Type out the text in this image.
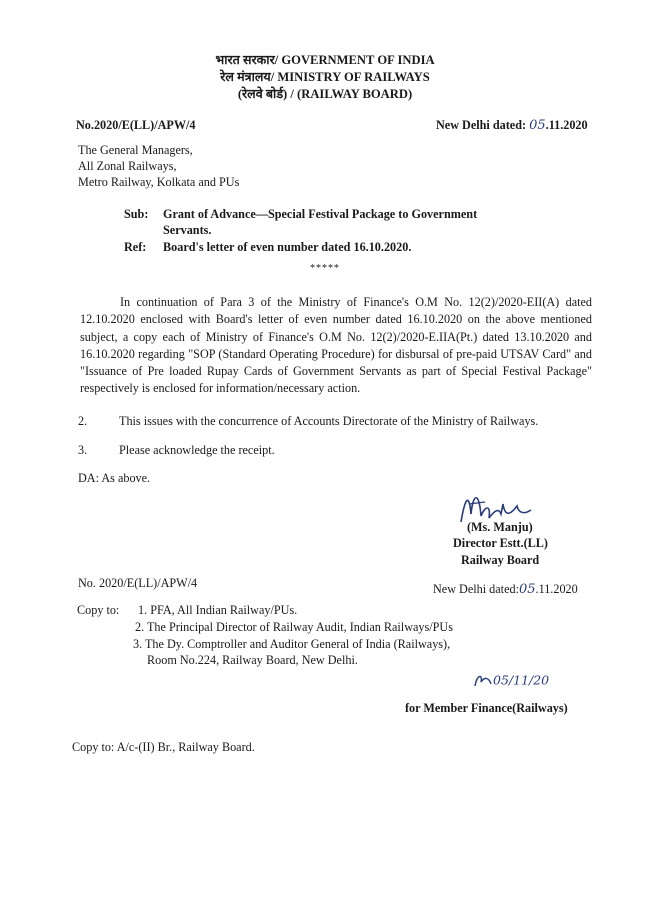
भारत सरकार/ GOVERNMENT OF INDIA
रेल मंत्रालय/ MINISTRY OF RAILWAYS
(रेलवे बोर्ड) / (RAILWAY BOARD)
No.2020/E(LL)/APW/4	New Delhi dated: 05.11.2020
The General Managers,
All Zonal Railways,
Metro Railway, Kolkata and PUs
Sub: Grant of Advance—Special Festival Package to Government
Servants.
Ref: Board's letter of even number dated 16.10.2020.
*****
In continuation of Para 3 of the Ministry of Finance's O.M No. 12(2)/2020-EII(A) dated 12.10.2020 enclosed with Board's letter of even number dated 16.10.2020 on the above mentioned subject, a copy each of Ministry of Finance's O.M No. 12(2)/2020-E.IIA(Pt.) dated 13.10.2020 and 16.10.2020 regarding "SOP (Standard Operating Procedure) for disbursal of pre-paid UTSAV Card" and "Issuance of Pre loaded Rupay Cards of Government Servants as part of Special Festival Package" respectively is enclosed for information/necessary action.
2.	This issues with the concurrence of Accounts Directorate of the Ministry of Railways.
3.	Please acknowledge the receipt.
DA: As above.
(Ms. Manju)
Director Estt.(LL)
Railway Board
No. 2020/E(LL)/APW/4	New Delhi dated:05.11.2020
Copy to: 1. PFA, All Indian Railway/PUs.
2. The Principal Director of Railway Audit, Indian Railways/PUs
3. The Dy. Comptroller and Auditor General of India (Railways),
Room No.224, Railway Board, New Delhi.
05/11/20
for Member Finance(Railways)
Copy to: A/c-(II) Br., Railway Board.
